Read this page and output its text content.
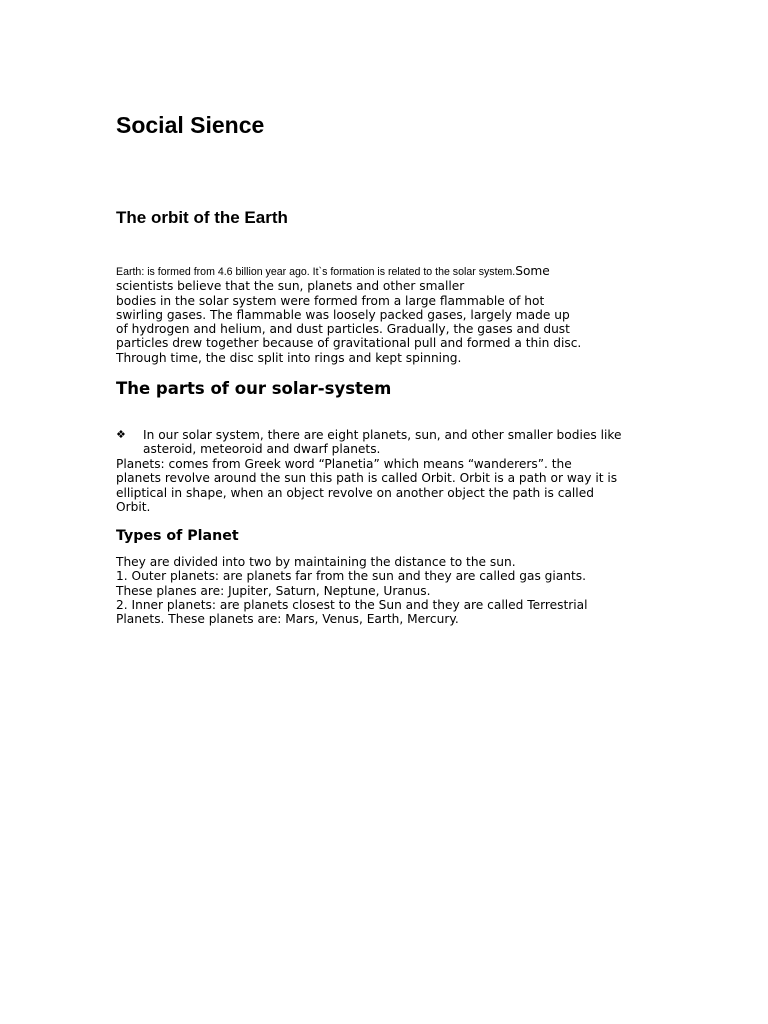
Social Sience
The orbit of the Earth
Earth: is formed from 4.6 billion year ago. It`s formation is related to the solar system.Some
scientists believe that the sun, planets and other smaller
bodies in the solar system were formed from a large flammable of hot
swirling gases. The flammable was loosely packed gases, largely made up
of hydrogen and helium, and dust particles. Gradually, the gases and dust
particles drew together because of gravitational pull and formed a thin disc.
Through time, the disc split into rings and kept spinning.
The parts of our solar-system
❖ In our solar system, there are eight planets, sun, and other smaller bodies like
asteroid, meteoroid and dwarf planets.
Planets: comes from Greek word “Planetia” which means “wanderers”. the
planets revolve around the sun this path is called Orbit. Orbit is a path or way it is
elliptical in shape, when an object revolve on another object the path is called
Orbit.
Types of Planet
They are divided into two by maintaining the distance to the sun.
1. Outer planets: are planets far from the sun and they are called gas giants.
These planes are: Jupiter, Saturn, Neptune, Uranus.
2. Inner planets: are planets closest to the Sun and they are called Terrestrial
Planets. These planets are: Mars, Venus, Earth, Mercury.
